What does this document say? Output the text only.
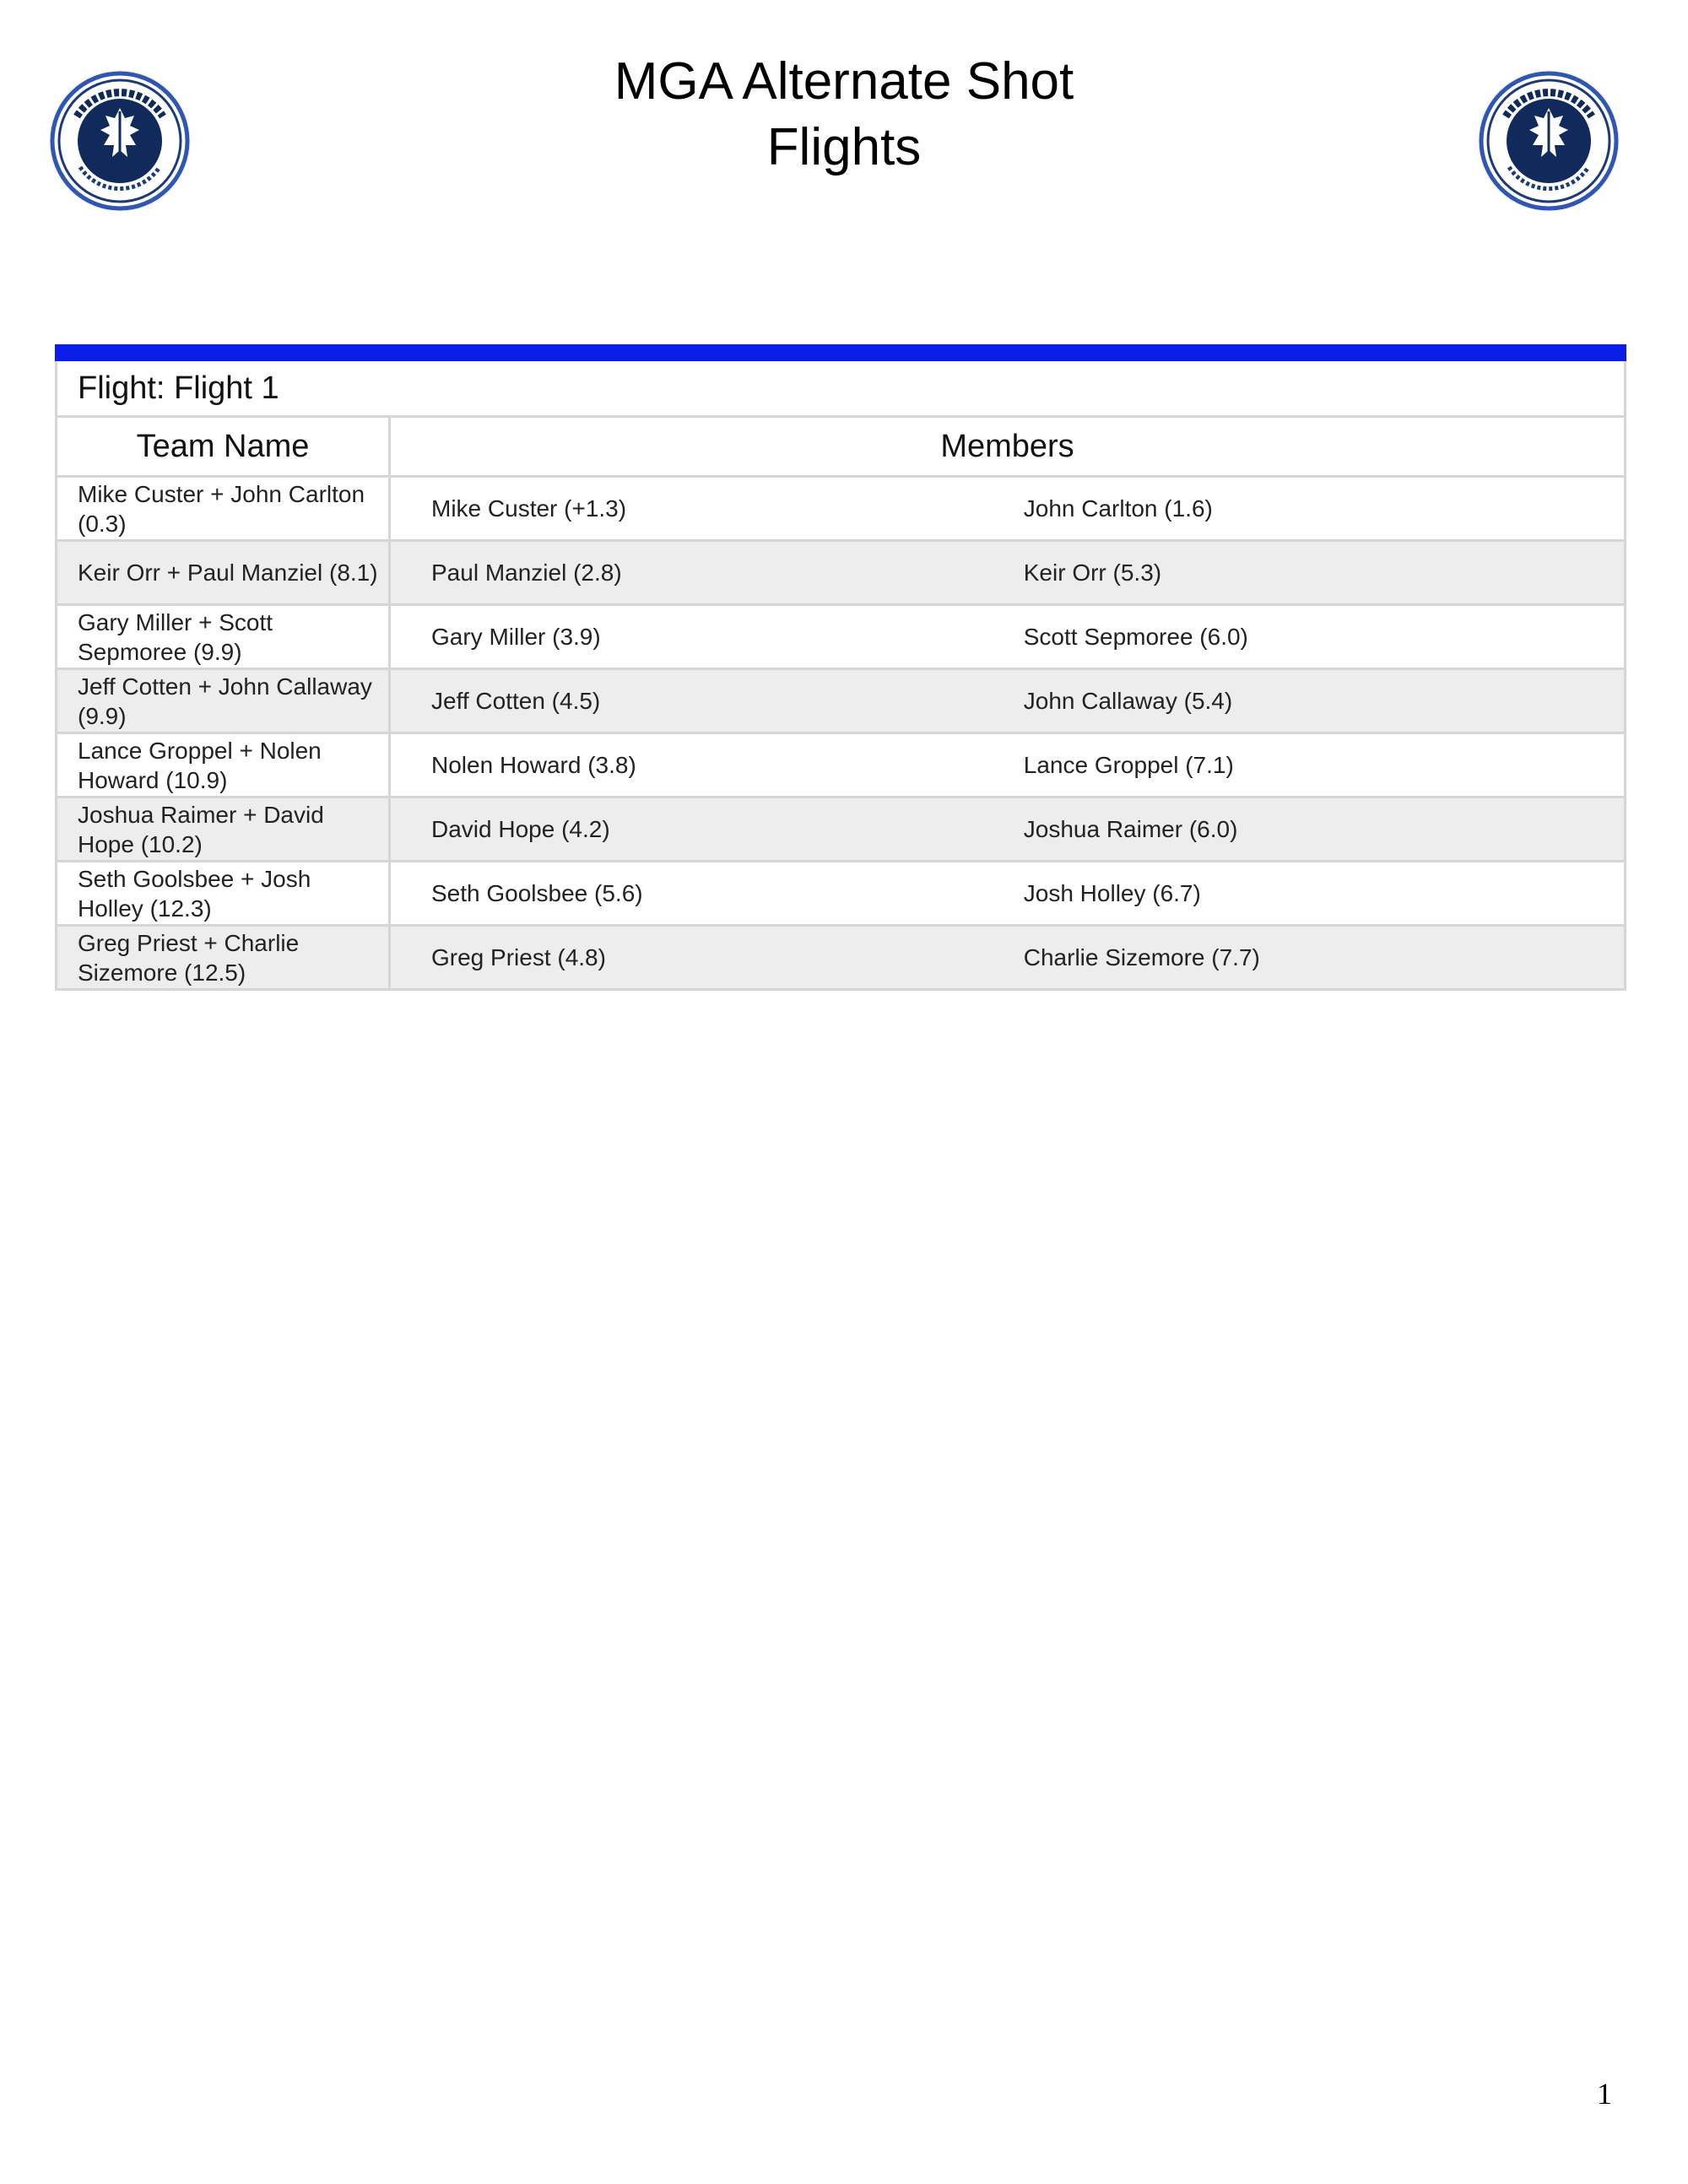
MGA Alternate Shot
Flights
Flight: Flight 1
Team Name	Members	
Mike Custer + John Carlton (0.3)	Mike Custer (+1.3)	John Carlton (1.6)
Keir Orr + Paul Manziel (8.1)	Paul Manziel (2.8)	Keir Orr (5.3)
Gary Miller + Scott Sepmoree (9.9)	Gary Miller (3.9)	Scott Sepmoree (6.0)
Jeff Cotten + John Callaway (9.9)	Jeff Cotten (4.5)	John Callaway (5.4)
Lance Groppel + Nolen Howard (10.9)	Nolen Howard (3.8)	Lance Groppel (7.1)
Joshua Raimer + David Hope (10.2)	David Hope (4.2)	Joshua Raimer (6.0)
Seth Goolsbee + Josh Holley (12.3)	Seth Goolsbee (5.6)	Josh Holley (6.7)
Greg Priest + Charlie Sizemore (12.5)	Greg Priest (4.8)	Charlie Sizemore (7.7)
1
